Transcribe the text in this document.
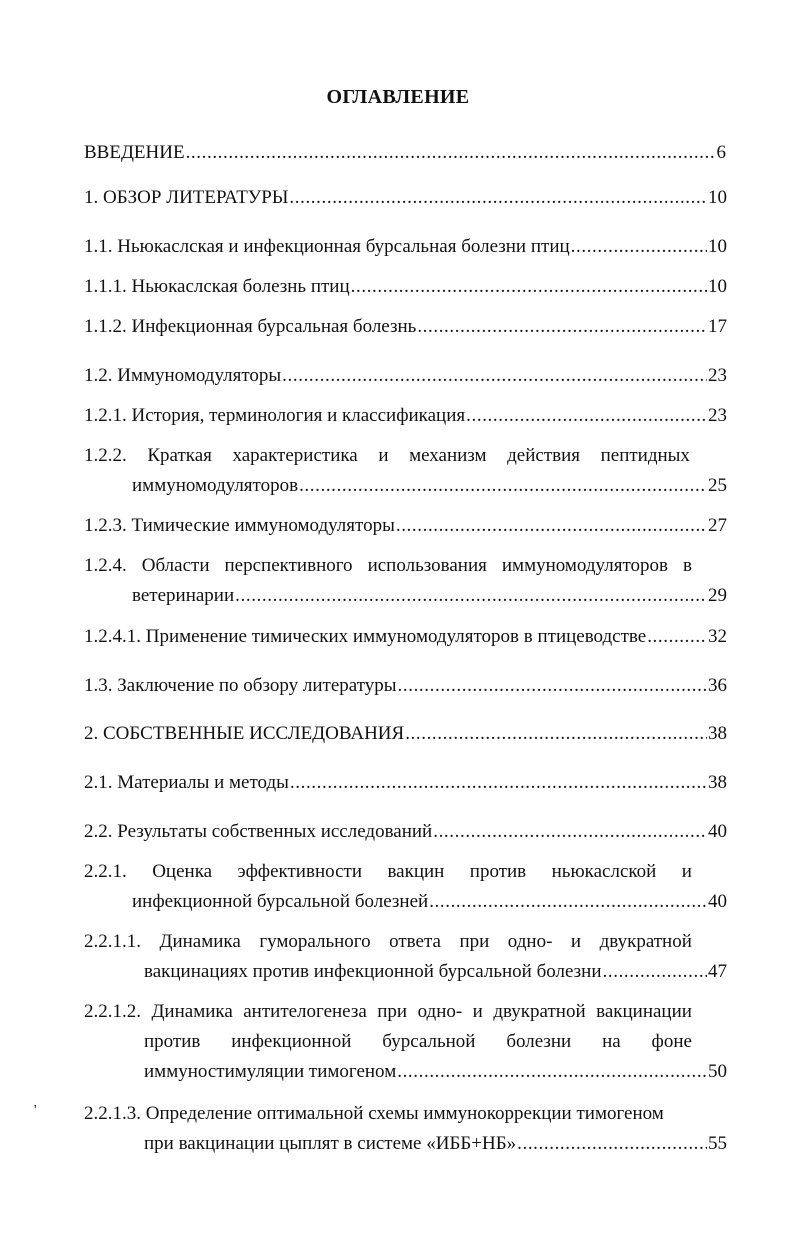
ОГЛАВЛЕНИЕ
ВВЕДЕНИЕ .....	6
1. ОБЗОР ЛИТЕРАТУРЫ .....	10
1.1. Ньюкаслская и инфекционная бурсальная болезни птиц .....	10
1.1.1. Ньюкаслская болезнь птиц .....	10
1.1.2. Инфекционная бурсальная болезнь .....	17
1.2. Иммуномодуляторы .....	23
1.2.1. История, терминология и классификация .....	23
1.2.2. Краткая характеристика и механизм действия пептидных
иммуномодуляторов .....	25
1.2.3. Тимические иммуномодуляторы .....	27
1.2.4. Области перспективного использования иммуномодуляторов в
ветеринарии .....	29
1.2.4.1. Применение тимических иммуномодуляторов в птицеводстве .....	32
1.3. Заключение по обзору литературы .....	36
2. СОБСТВЕННЫЕ ИССЛЕДОВАНИЯ .....	38
2.1. Материалы и методы .....	38
2.2. Результаты собственных исследований .....	40
2.2.1. Оценка эффективности вакцин против ньюкаслской и
инфекционной бурсальной болезней .....	40
2.2.1.1. Динамика гуморального ответа при одно- и двукратной
вакцинациях против инфекционной бурсальной болезни .....	47
2.2.1.2. Динамика антителогенеза при одно- и двукратной вакцинации
против инфекционной бурсальной болезни на фоне
иммуностимуляции тимогеном .....	50
2.2.1.3. Определение оптимальной схемы иммунокоррекции тимогеном
при вакцинации цыплят в системе «ИББ+НБ» .....	55
'
